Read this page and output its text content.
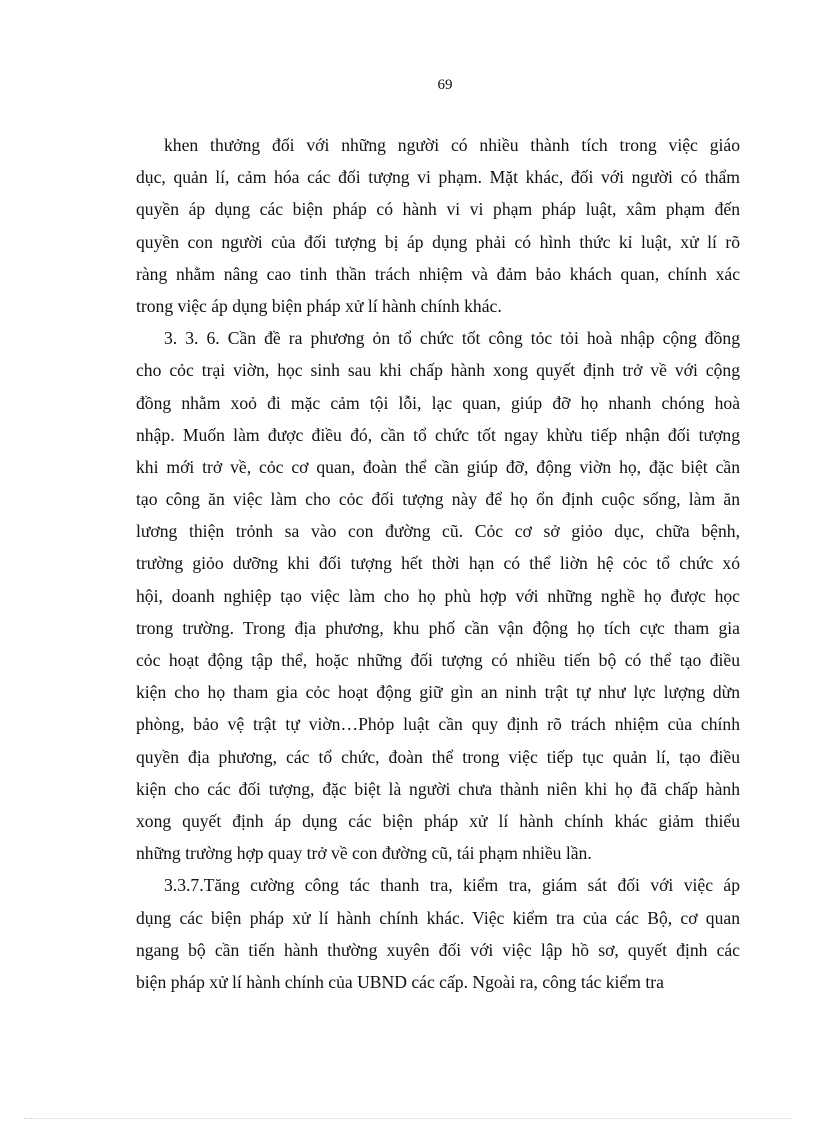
69
khen thưởng đối với những người có nhiều thành tích trong việc giáo
dục, quản lí, cảm hóa các đối tượng vi phạm. Mặt khác, đối với người có thẩm
quyền áp dụng các biện pháp có hành vi vi phạm pháp luật, xâm phạm đến
quyền con người của đối tượng bị áp dụng phải có hình thức kỉ luật, xử lí rõ
ràng nhằm nâng cao tinh thần trách nhiệm và đảm bảo khách quan, chính xác
trong việc áp dụng biện pháp xử lí hành chính khác.
3. 3. 6. Cần đề ra phương ỏn tổ chức tốt công tỏc tỏi hoà nhập cộng đồng
cho cỏc trại viờn, học sinh sau khi chấp hành xong quyết định trở về với cộng
đồng nhằm xoỏ đi mặc cảm tội lỗi, lạc quan, giúp đỡ họ nhanh chóng hoà
nhập. Muốn làm được điều đó, cần tổ chức tốt ngay khừu tiếp nhận đối tượng
khi mới trở về, cỏc cơ quan, đoàn thể cần giúp đỡ, động viờn họ, đặc biệt cần
tạo công ăn việc làm cho cỏc đối tượng này để họ ổn định cuộc sống, làm ăn
lương thiện trỏnh sa vào con đường cũ. Cỏc cơ sở giỏo dục, chữa bệnh,
trường giỏo dưỡng khi đối tượng hết thời hạn có thể liờn hệ cỏc tổ chức xó
hội, doanh nghiệp tạo việc làm cho họ phù hợp với những nghề họ được học
trong trường. Trong địa phương, khu phố cần vận động họ tích cực tham gia
cỏc hoạt động tập thể, hoặc những đối tượng có nhiều tiến bộ có thể tạo điều
kiện cho họ tham gia cỏc hoạt động giữ gìn an ninh trật tự như lực lượng dừn
phòng, bảo vệ trật tự viờn…Phỏp luật cần quy định rõ trách nhiệm của chính
quyền địa phương, các tổ chức, đoàn thể trong việc tiếp tục quản lí, tạo điều
kiện cho các đối tượng, đặc biệt là người chưa thành niên khi họ đã chấp hành
xong quyết định áp dụng các biện pháp xử lí hành chính khác giảm thiểu
những trường hợp quay trở về con đường cũ, tái phạm nhiều lần.
3.3.7.Tăng cường công tác thanh tra, kiểm tra, giám sát đối với việc áp
dụng các biện pháp xử lí hành chính khác. Việc kiểm tra của các Bộ, cơ quan
ngang bộ cần tiến hành thường xuyên đối với việc lập hồ sơ, quyết định các
biện pháp xử lí hành chính của UBND các cấp. Ngoài ra, công tác kiểm tra
